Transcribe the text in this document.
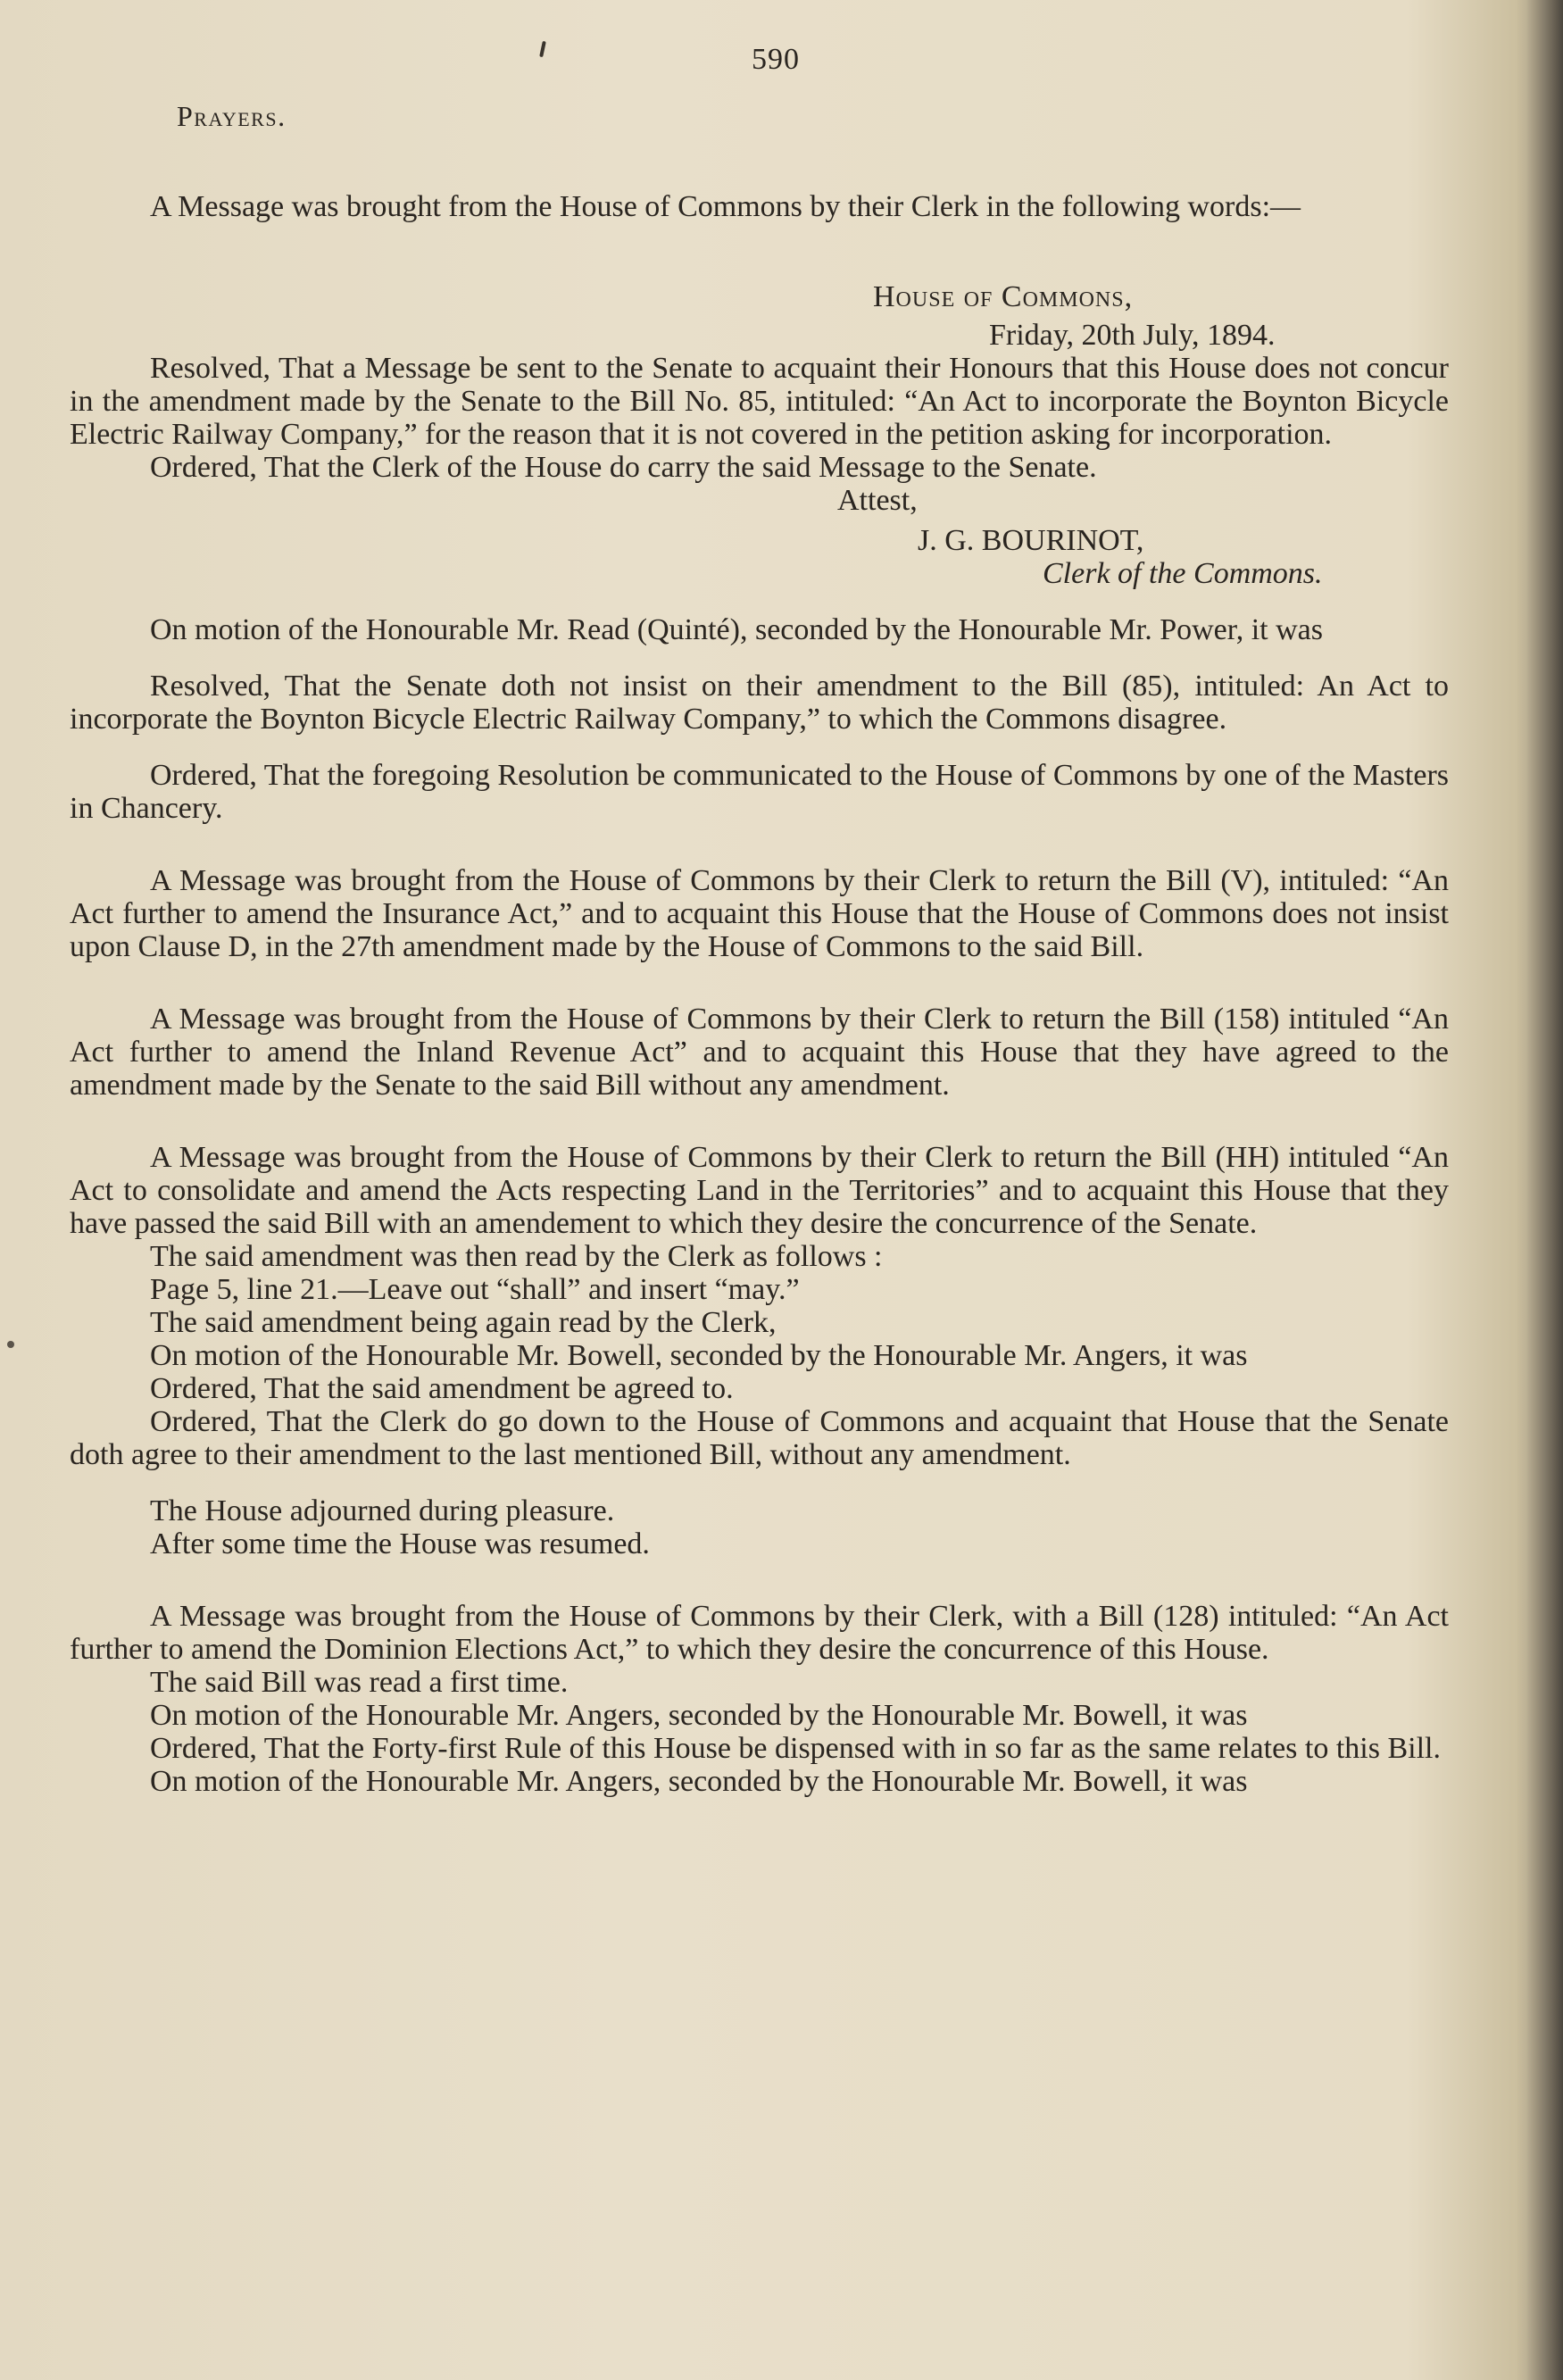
590
Prayers.

A Message was brought from the House of Commons by their Clerk in the following words:—

House of Commons,
Friday, 20th July, 1894.

Resolved, That a Message be sent to the Senate to acquaint their Honours that this House does not concur in the amendment made by the Senate to the Bill No. 85, intituled: “An Act to incorporate the Boynton Bicycle Electric Railway Company,” for the reason that it is not covered in the petition asking for incorporation.

Ordered, That the Clerk of the House do carry the said Message to the Senate.

Attest,
J. G. BOURINOT,
Clerk of the Commons.

On motion of the Honourable Mr. Read (Quinté), seconded by the Honourable Mr. Power, it was

Resolved, That the Senate doth not insist on their amendment to the Bill (85), intituled: An Act to incorporate the Boynton Bicycle Electric Railway Company,” to which the Commons disagree.

Ordered, That the foregoing Resolution be communicated to the House of Commons by one of the Masters in Chancery.

A Message was brought from the House of Commons by their Clerk to return the Bill (V), intituled: “An Act further to amend the Insurance Act,” and to acquaint this House that the House of Commons does not insist upon Clause D, in the 27th amendment made by the House of Commons to the said Bill.

A Message was brought from the House of Commons by their Clerk to return the Bill (158) intituled “An Act further to amend the Inland Revenue Act” and to acquaint this House that they have agreed to the amendment made by the Senate to the said Bill without any amendment.

A Message was brought from the House of Commons by their Clerk to return the Bill (HH) intituled “An Act to consolidate and amend the Acts respecting Land in the Territories” and to acquaint this House that they have passed the said Bill with an amendement to which they desire the concurrence of the Senate.

The said amendment was then read by the Clerk as follows :

Page 5, line 21.—Leave out “shall” and insert “may.”

The said amendment being again read by the Clerk,

On motion of the Honourable Mr. Bowell, seconded by the Honourable Mr. Angers, it was

Ordered, That the said amendment be agreed to.

Ordered, That the Clerk do go down to the House of Commons and acquaint that House that the Senate doth agree to their amendment to the last mentioned Bill, without any amendment.

The House adjourned during pleasure.

After some time the House was resumed.

A Message was brought from the House of Commons by their Clerk, with a Bill (128) intituled: “An Act further to amend the Dominion Elections Act,” to which they desire the concurrence of this House.

The said Bill was read a first time.

On motion of the Honourable Mr. Angers, seconded by the Honourable Mr. Bowell, it was

Ordered, That the Forty-first Rule of this House be dispensed with in so far as the same relates to this Bill.

On motion of the Honourable Mr. Angers, seconded by the Honourable Mr. Bowell, it was
